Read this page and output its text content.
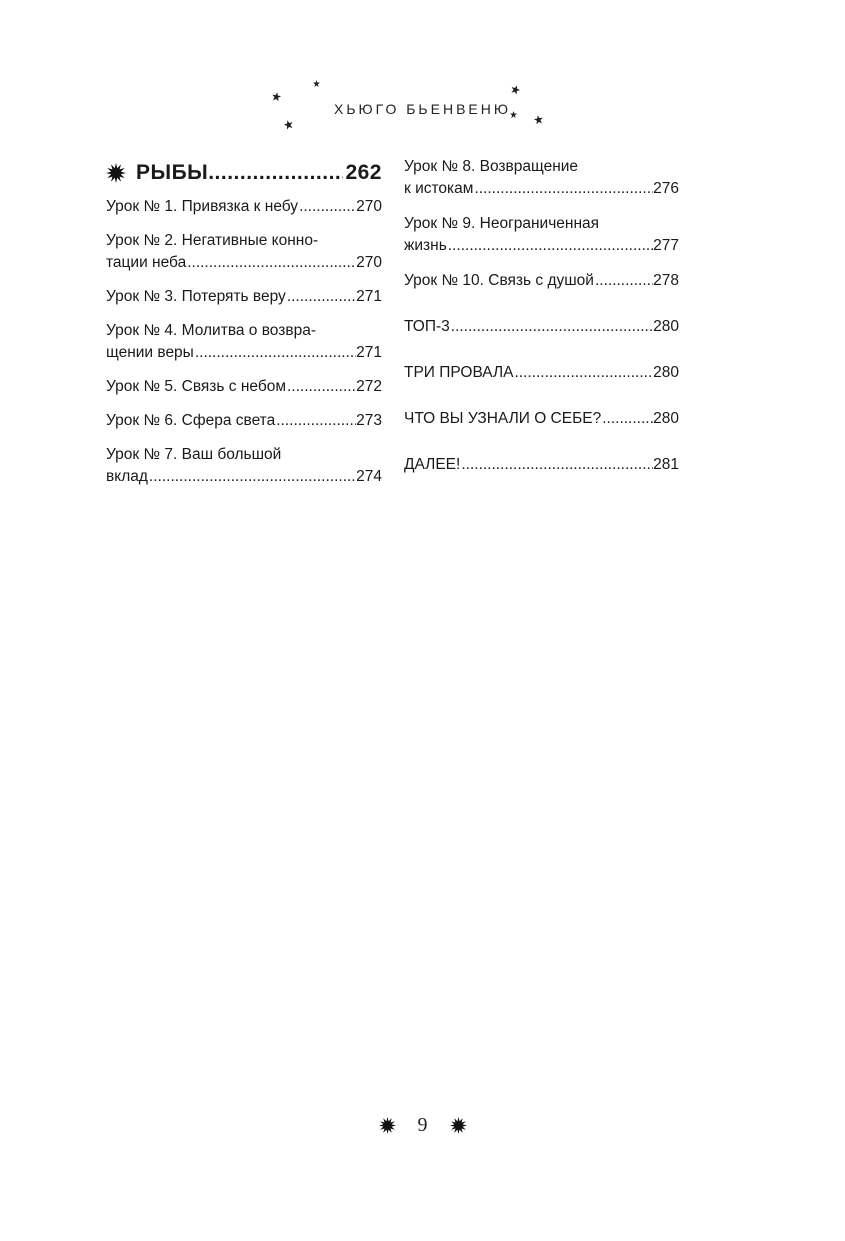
ХЬЮГО БЬЕНВЕНЮ
РЫБЫ .....	262
Урок № 1. Привязка к небу .....	270
Урок № 2. Негативные конно-
тации неба .....	270
Урок № 3. Потерять веру .....	271
Урок № 4. Молитва о возвра-
щении веры .....	271
Урок № 5. Связь с небом .....	272
Урок № 6. Сфера света .....	273
Урок № 7. Ваш большой
вклад .....	274
Урок № 8. Возвращение
к истокам .....	276
Урок № 9. Неограниченная
жизнь .....	277
Урок № 10. Связь с душой .....	278
ТОП-3 .....	280
ТРИ ПРОВАЛА .....	280
ЧТО ВЫ УЗНАЛИ О СЕБЕ? .....	280
ДАЛЕЕ! .....	281
9
